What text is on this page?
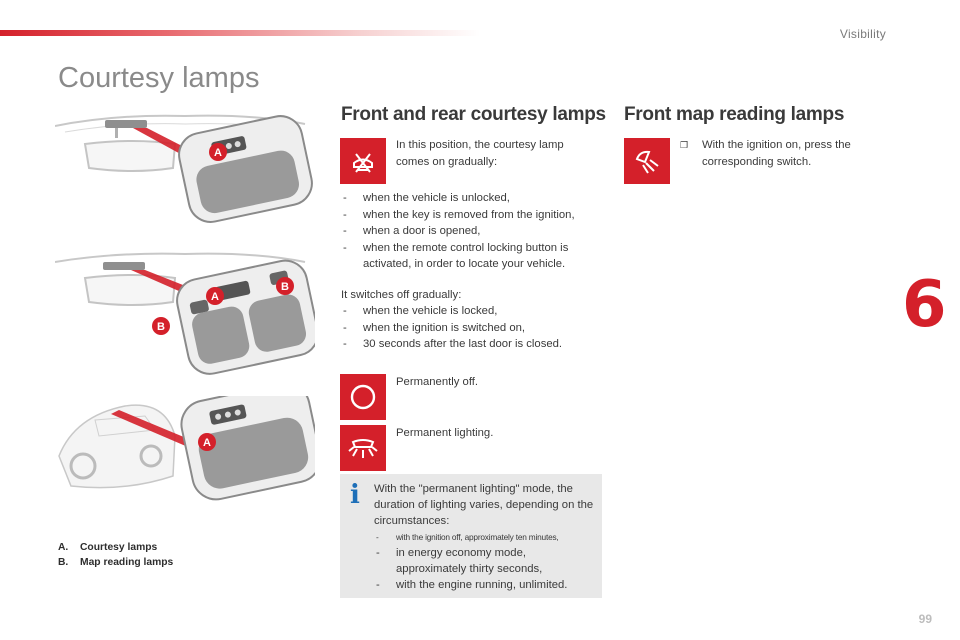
Visibility
6
Courtesy lamps
A
A
B
B
A
A. Courtesy lamps
B. Map reading lamps
Front and rear courtesy lamps
In this position, the courtesy lamp comes on gradually:
- when the vehicle is unlocked,
- when the key is removed from the ignition,
- when a door is opened,
- when the remote control locking button is activated, in order to locate your vehicle.
It switches off gradually:
- when the vehicle is locked,
- when the ignition is switched on,
- 30 seconds after the last door is closed.
Permanently off.
Permanent lighting.
i With the "permanent lighting" mode, the duration of lighting varies, depending on the circumstances:
- with the ignition off, approximately ten minutes,
- in energy economy mode, approximately thirty seconds,
- with the engine running, unlimited.
Front map reading lamps
❒	With the ignition on, press the corresponding switch.
99
